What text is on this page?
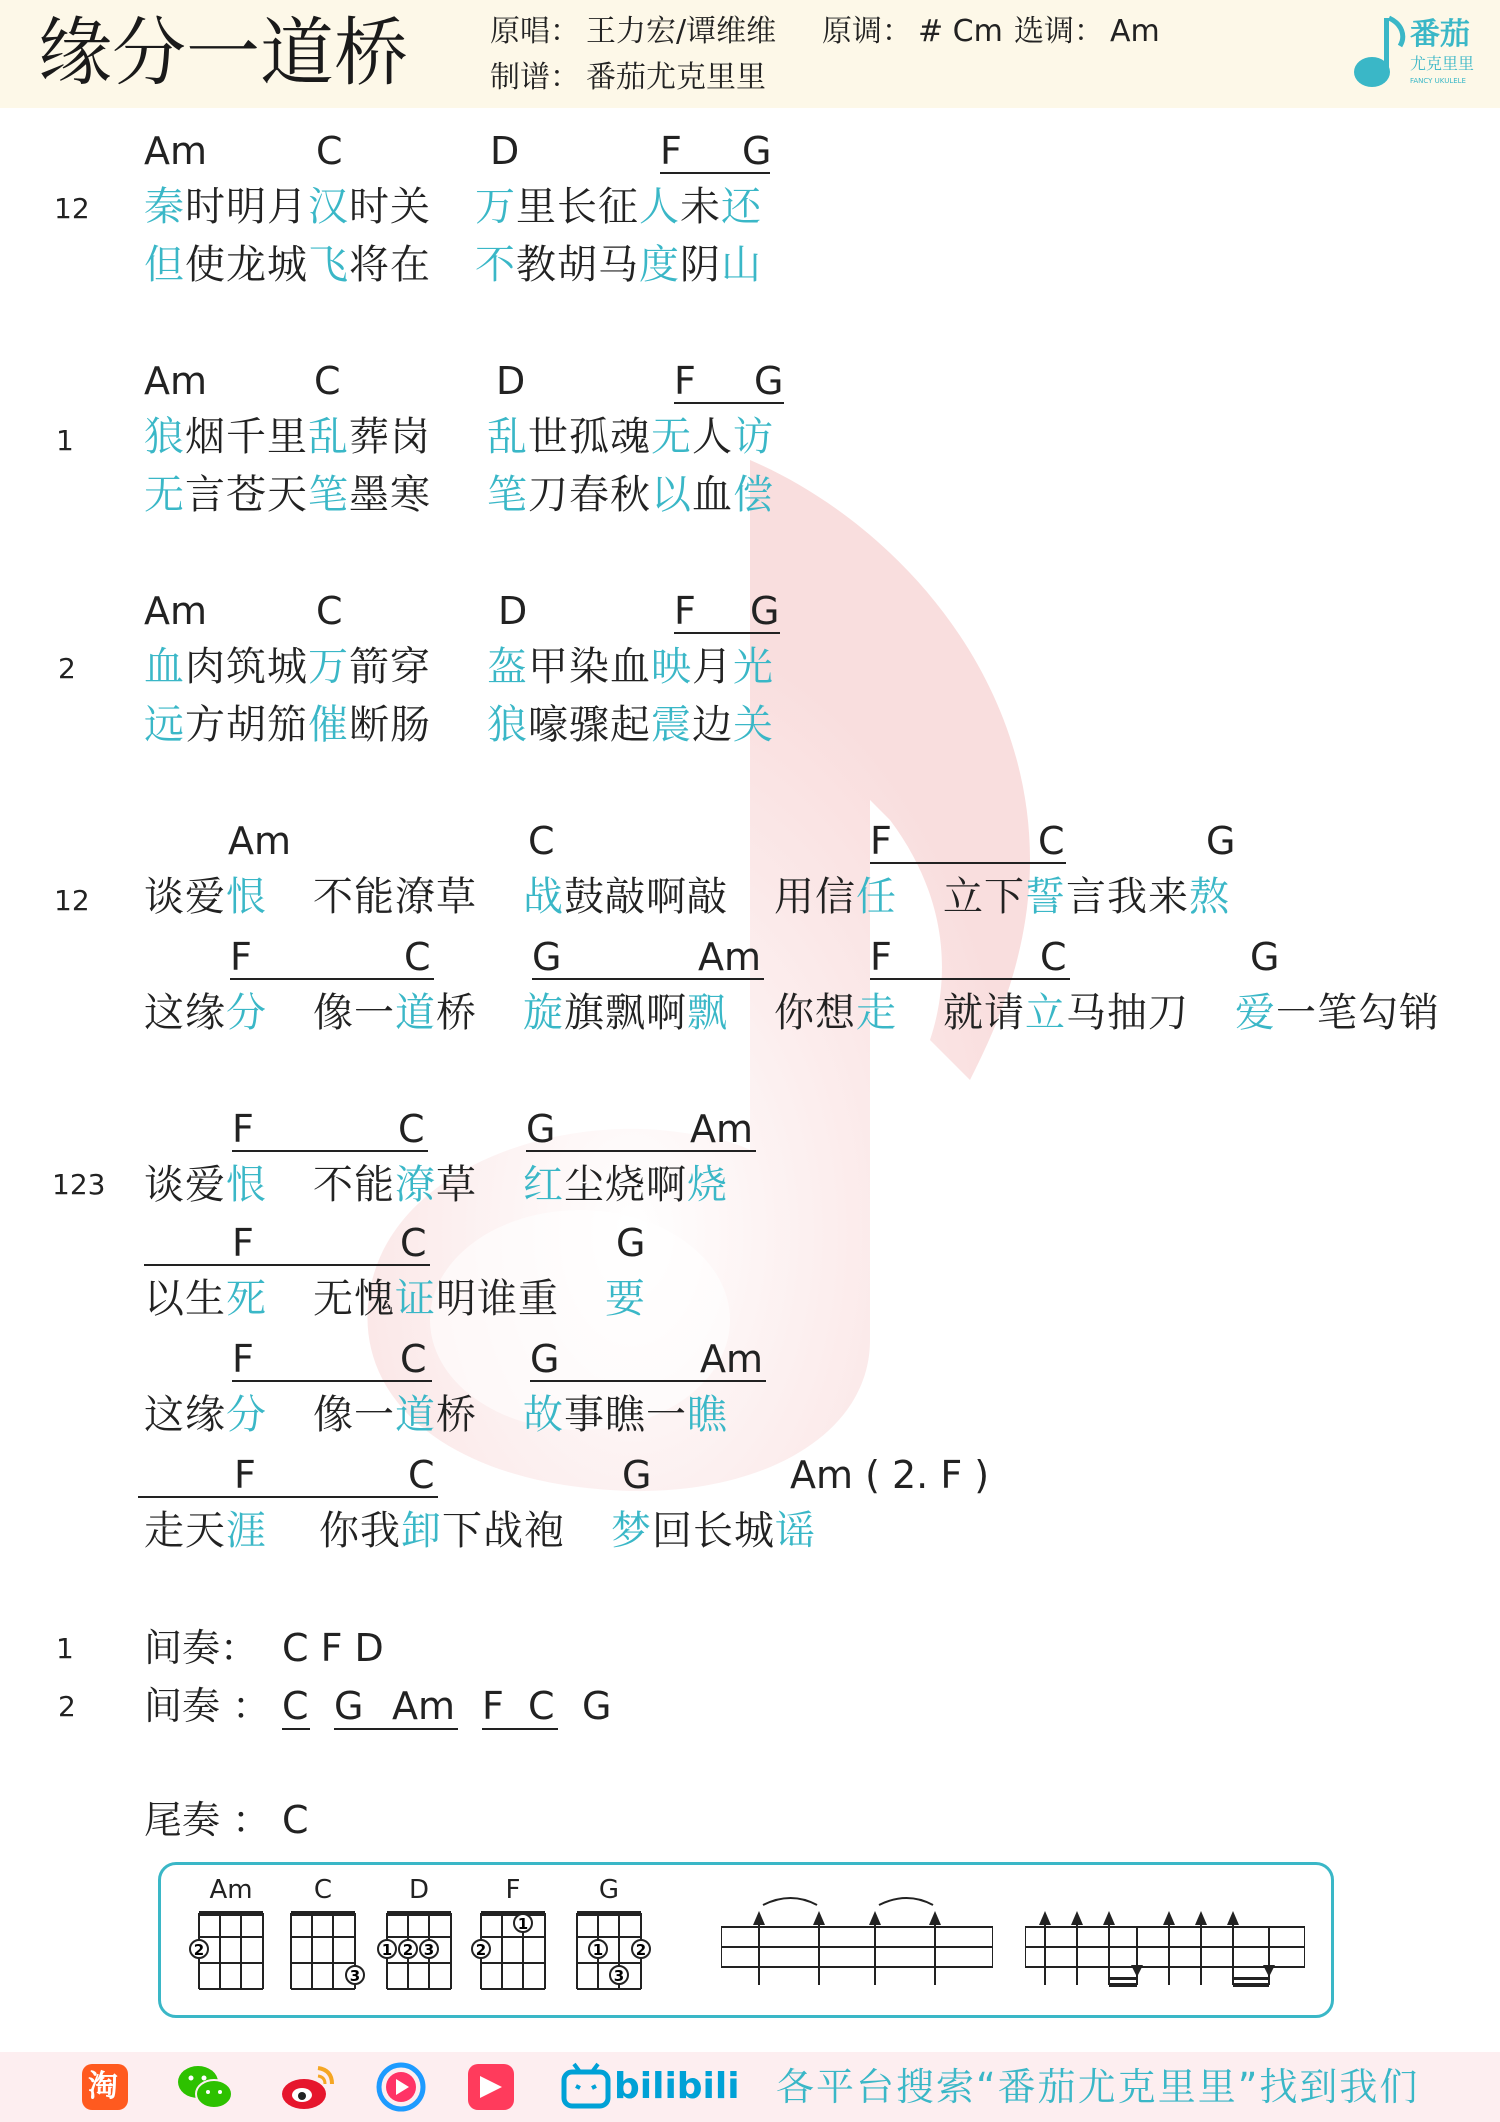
缘分一道桥	原唱： 王力宏/谭维维 原调： # Cm 选调： Am
制谱： 番茄尤克里里
番茄
尤克里里
FANCY UKULELE
12
Am	C	D	F G
秦时明月汉时关 万里长征人未还
但使龙城飞将在 不教胡马度阴山
1
Am	C	D	F G
狼烟千里乱葬岗 乱世孤魂无人访
无言苍天笔墨寒 笔刀春秋以血偿
2
Am	C	D	F G
血肉筑城万箭穿 盔甲染血映月光
远方胡笳催断肠 狼嚎骤起震边关
12
Am	C	F	C	G
谈爱恨 不能潦草 战鼓敲啊敲 用信任 立下誓言我来熬
F	C	G	Am	F	C	G
这缘分 像一道桥 旋旗飘啊飘 你想走 就请立马抽刀 爱一笔勾销
123
F	C	G	Am
谈爱恨 不能潦草 红尘烧啊烧
F	C	G
以生死 无愧证明谁重 要
F	C	G	Am
这缘分 像一道桥 故事瞧一瞧
F	C	G	Am ( 2. F )
走天涯 你我卸下战袍 梦回长城谣
1 间奏： C F D
2 间奏 ： C G Am F C G
尾奏 ： C
Am
2
C
3
D
1 2 3
F
1
2
G
1 2
3
淘	bilibili 各平台搜索“番茄尤克里里”找到我们
